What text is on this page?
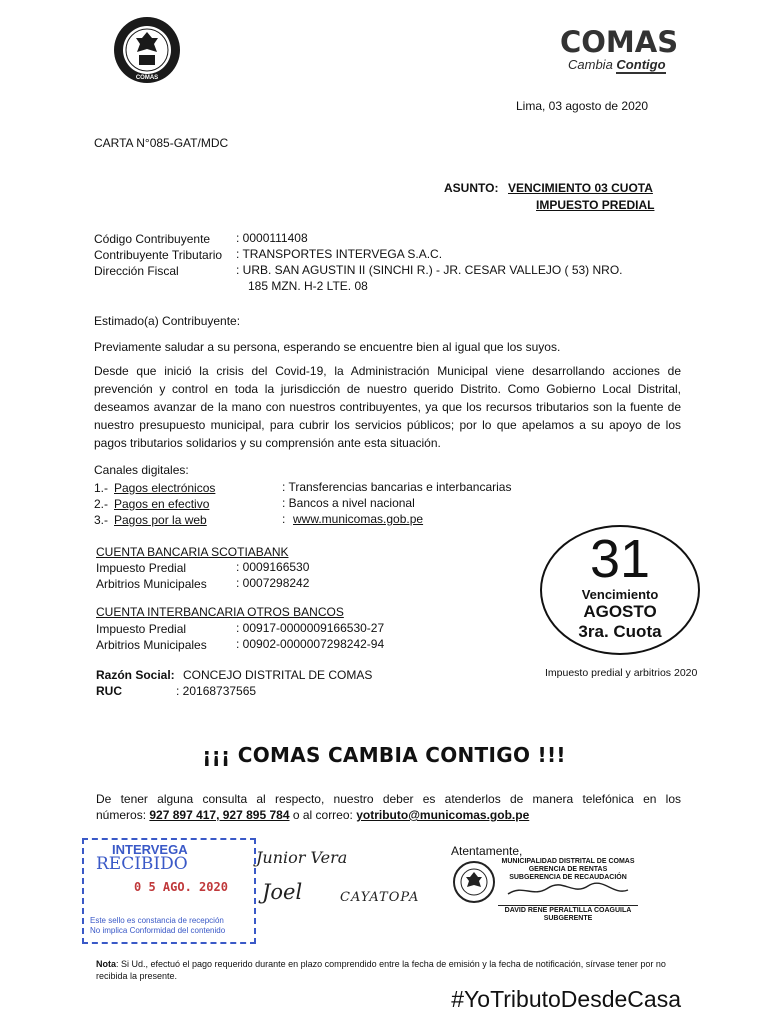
COMAS
COMAS
Cambia Contigo
Lima, 03 agosto de 2020
CARTA N°085-GAT/MDC
ASUNTO: VENCIMIENTO 03 CUOTA
IMPUESTO PREDIAL
Código Contribuyente : 0000111408
Contribuyente Tributario : TRANSPORTES INTERVEGA S.A.C.
Dirección Fiscal	: URB. SAN AGUSTIN II (SINCHI R.) - JR. CESAR VALLEJO ( 53) NRO.
185 MZN. H-2 LTE. 08
Estimado(a) Contribuyente:
Previamente saludar a su persona, esperando se encuentre bien al igual que los suyos.
Desde que inició la crisis del Covid-19, la Administración Municipal viene desarrollando acciones de prevención y control en toda la jurisdicción de nuestro querido Distrito. Como Gobierno Local Distrital, deseamos avanzar de la mano con nuestros contribuyentes, ya que los recursos tributarios son la fuente de nuestro presupuesto municipal, para cubrir los servicios públicos; por lo que apelamos a su apoyo de los pagos tributarios solidarios y su comprensión ante esta situación.
Canales digitales:
1.- Pagos electrónicos	: Transferencias bancarias e interbancarias
2.- Pagos en efectivo	: Bancos a nivel nacional
3.- Pagos por la web	: www.municomas.gob.pe
CUENTA BANCARIA SCOTIABANK
Impuesto Predial	: 0009166530
Arbitrios Municipales : 0007298242
CUENTA INTERBANCARIA OTROS BANCOS
Impuesto Predial	: 00917-0000009166530-27
Arbitrios Municipales : 00902-0000007298242-94
Razón Social: CONCEJO DISTRITAL DE COMAS
RUC	: 20168737565
31
Vencimiento
AGOSTO
3ra. Cuota
Impuesto predial y arbitrios 2020
¡¡¡ COMAS CAMBIA CONTIGO !!!
De tener alguna consulta al respecto, nuestro deber es atenderlos de manera telefónica en los
números: 927 897 417, 927 895 784 o al correo: yotributo@municomas.gob.pe
INTERVEGA
RECIBIDO
0 5 AGO. 2020
Este sello es constancia de recepción
No implica Conformidad del contenido
Junior Vera
Joel	CAYATOPA
Atentamente,
MUNICIPALIDAD DISTRITAL DE COMAS
GERENCIA DE RENTAS
SUBGERENCIA DE RECAUDACIÓN
DAVID RENE PERALTILLA COAGUILA
SUBGERENTE
Nota: Si Ud., efectuó el pago requerido durante en plazo comprendido entre la fecha de emisión y la fecha de notificación, sírvase tener por no recibida la presente.
#YoTributoDesdeCasa
